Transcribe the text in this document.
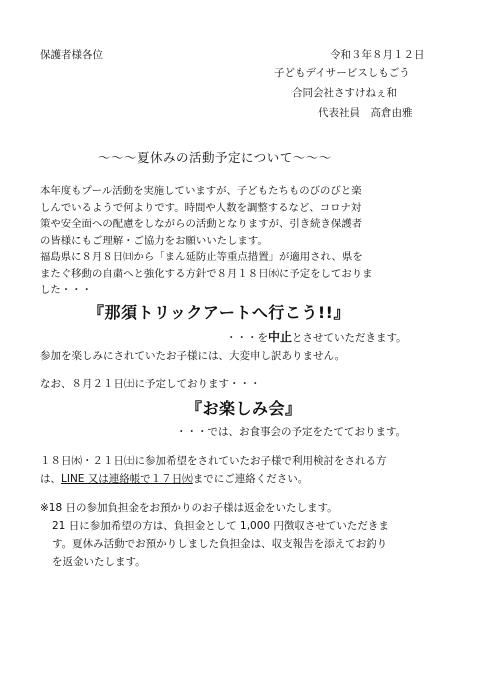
保護者様各位	令和３年８月１２日
子どもデイサービスしもごう
合同会社さすけねぇ和
代表社員　高倉由雅
～～～夏休みの活動予定について～～～
本年度もプール活動を実施していますが、子どもたちものびのびと楽
しんでいるようで何よりです。時間や人数を調整するなど、コロナ対
策や安全面への配慮をしながらの活動となりますが、引き続き保護者
の皆様にもご理解・ご協力をお願いいたします。
福島県に８月８日㈰から「まん延防止等重点措置」が適用され、県を
またぐ移動の自粛へと強化する方針で８月１８日㈬に予定をしておりま
した・・・
『那須トリックアートへ行こう!!』
・・・を中止とさせていただきます。
参加を楽しみにされていたお子様には、大変申し訳ありません。
なお、８月２１日㈯に予定しております・・・
『お楽しみ会』
・・・では、お食事会の予定をたてております。
１８日㈬・２１日㈯に参加希望をされていたお子様で利用検討をされる方
は、LINE 又は連絡帳で１７日㈫までにご連絡ください。
※18 日の参加負担金をお預かりのお子様は返金をいたします。
21 日に参加希望の方は、負担金として 1,000 円徴収させていただきま
す。夏休み活動でお預かりしました負担金は、収支報告を添えてお釣り
を返金いたします。
